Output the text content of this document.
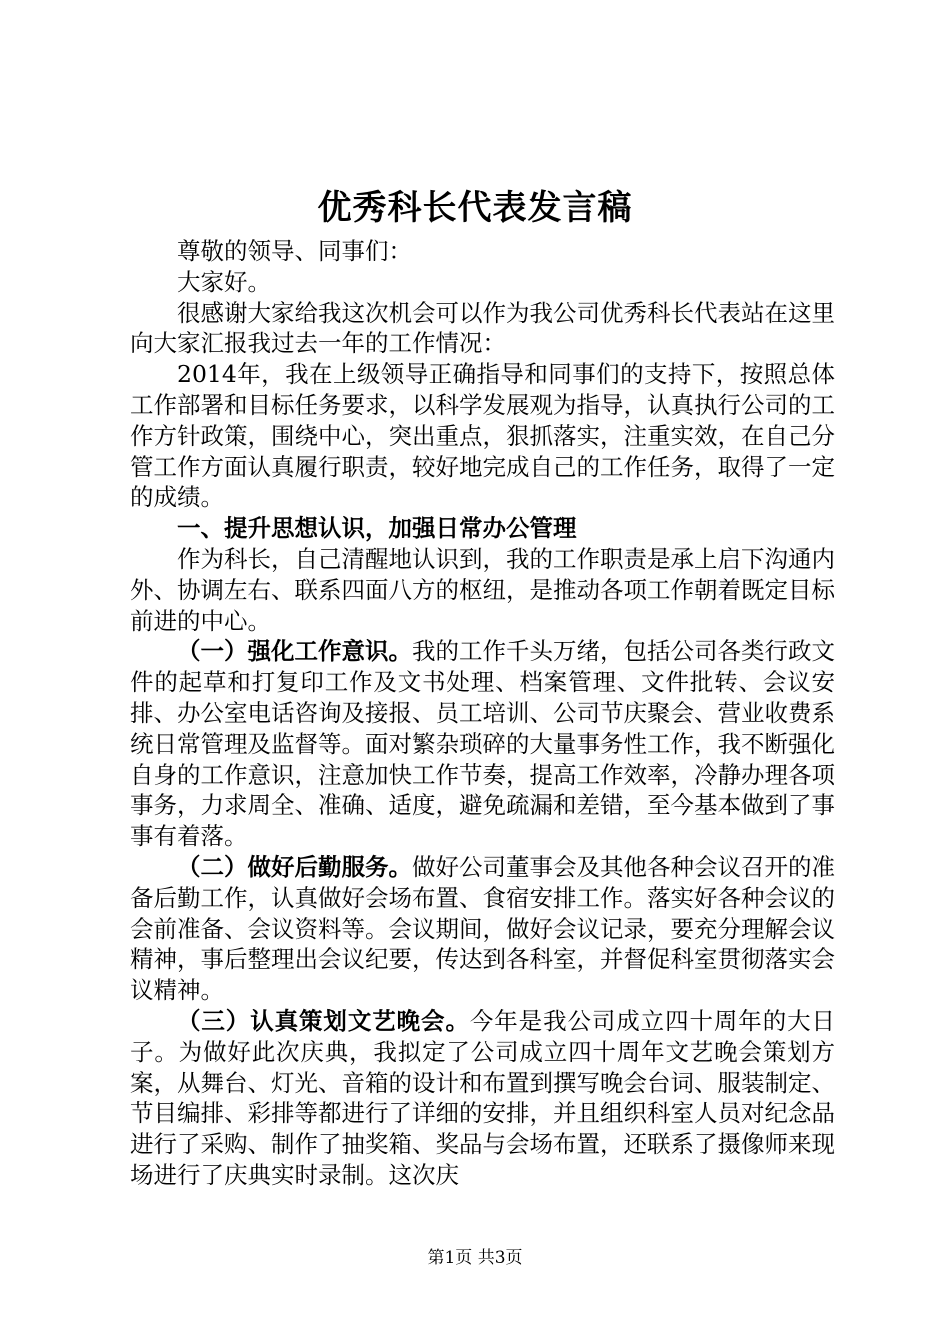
优秀科长代表发言稿

尊敬的领导、同事们：

大家好。

很感谢大家给我这次机会可以作为我公司优秀科长代表站在这里向大家汇报我过去一年的工作情况：

2014年，我在上级领导正确指导和同事们的支持下，按照总体工作部署和目标任务要求，以科学发展观为指导，认真执行公司的工作方针政策，围绕中心，突出重点，狠抓落实，注重实效，在自己分管工作方面认真履行职责，较好地完成自己的工作任务，取得了一定的成绩。

一、提升思想认识，加强日常办公管理

作为科长，自己清醒地认识到，我的工作职责是承上启下沟通内外、协调左右、联系四面八方的枢纽，是推动各项工作朝着既定目标前进的中心。

（一）强化工作意识。我的工作千头万绪，包括公司各类行政文件的起草和打复印工作及文书处理、档案管理、文件批转、会议安排、办公室电话咨询及接报、员工培训、公司节庆聚会、营业收费系统日常管理及监督等。面对繁杂琐碎的大量事务性工作，我不断强化自身的工作意识，注意加快工作节奏，提高工作效率，冷静办理各项事务，力求周全、准确、适度，避免疏漏和差错，至今基本做到了事事有着落。

（二）做好后勤服务。做好公司董事会及其他各种会议召开的准备后勤工作，认真做好会场布置、食宿安排工作。落实好各种会议的会前准备、会议资料等。会议期间，做好会议记录，要充分理解会议精神，事后整理出会议纪要，传达到各科室，并督促科室贯彻落实会议精神。

（三）认真策划文艺晚会。今年是我公司成立四十周年的大日子。为做好此次庆典，我拟定了公司成立四十周年文艺晚会策划方案，从舞台、灯光、音箱的设计和布置到撰写晚会台词、服装制定、节目编排、彩排等都进行了详细的安排，并且组织科室人员对纪念品进行了采购、制作了抽奖箱、奖品与会场布置，还联系了摄像师来现场进行了庆典实时录制。这次庆

第1页 共3页
